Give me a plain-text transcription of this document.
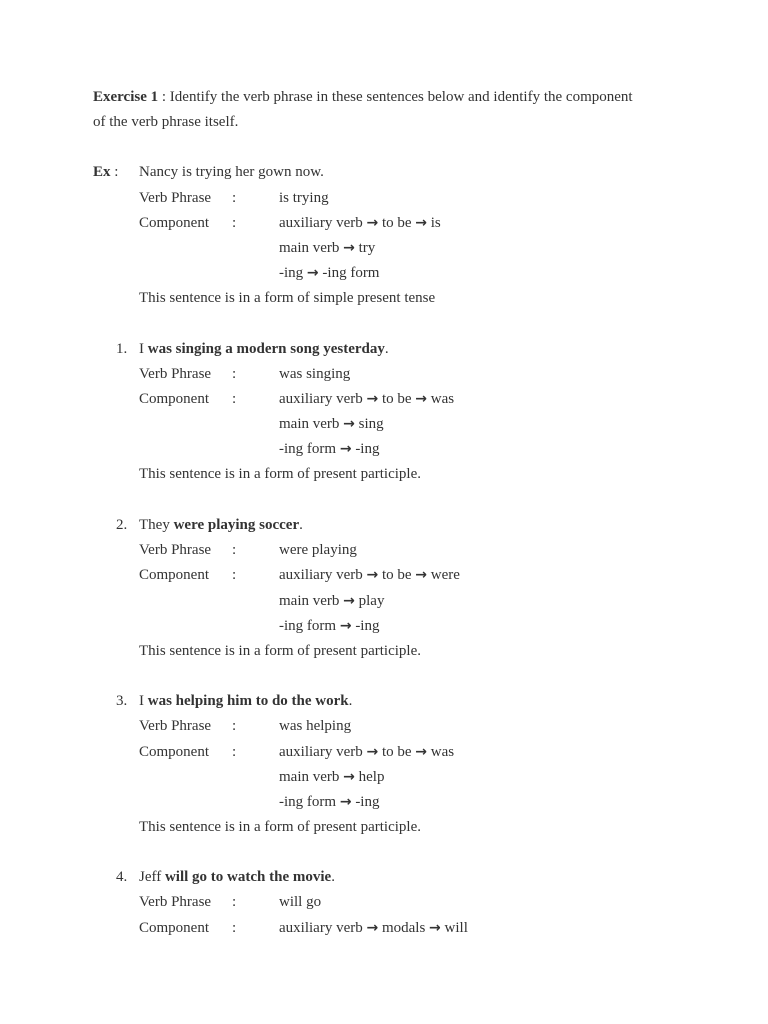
Exercise 1 : Identify the verb phrase in these sentences below and identify the component
of the verb phrase itself.
Ex : Nancy is trying her gown now.
Verb Phrase :	is trying
Component :	auxiliary verb → to be → is
main verb → try
-ing → -ing form
This sentence is in a form of simple present tense
1. I was singing a modern song yesterday.
Verb Phrase :	was singing
Component :	auxiliary verb → to be → was
main verb → sing
-ing form → -ing
This sentence is in a form of present participle.
2. They were playing soccer.
Verb Phrase :	were playing
Component :	auxiliary verb → to be → were
main verb → play
-ing form → -ing
This sentence is in a form of present participle.
3. I was helping him to do the work.
Verb Phrase :	was helping
Component :	auxiliary verb → to be → was
main verb → help
-ing form → -ing
This sentence is in a form of present participle.
4. Jeff will go to watch the movie.
Verb Phrase :	will go
Component :	auxiliary verb → modals → will
